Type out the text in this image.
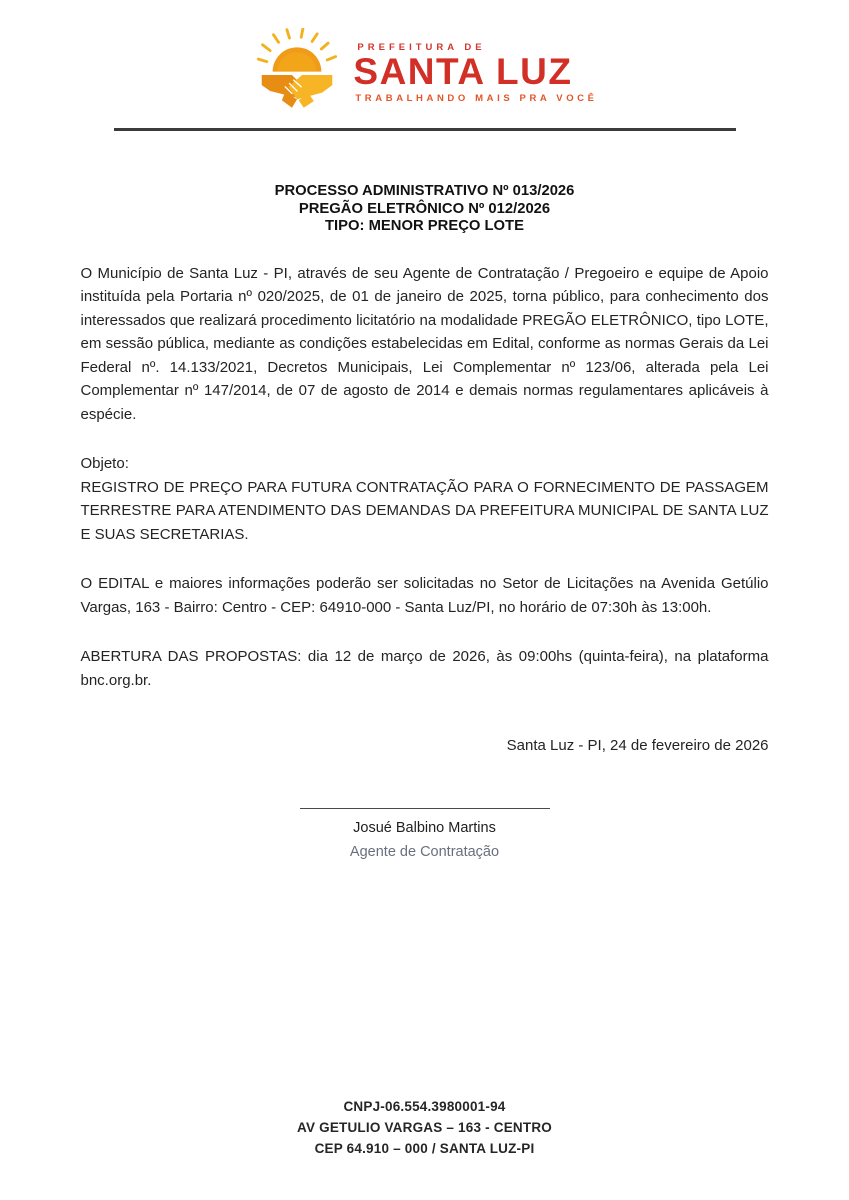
PREFEITURA DE
SANTA LUZ
TRABALHANDO MAIS PRA VOCÊ
PROCESSO ADMINISTRATIVO Nº 013/2026
PREGÃO ELETRÔNICO Nº 012/2026
TIPO: MENOR PREÇO LOTE

O Município de Santa Luz - PI, através de seu Agente de Contratação / Pregoeiro e equipe de Apoio instituída pela Portaria nº 020/2025, de 01 de janeiro de 2025, torna público, para conhecimento dos interessados que realizará procedimento licitatório na modalidade PREGÃO ELETRÔNICO, tipo LOTE, em sessão pública, mediante as condições estabelecidas em Edital, conforme as normas Gerais da Lei Federal nº. 14.133/2021, Decretos Municipais, Lei Complementar nº 123/06, alterada pela Lei Complementar nº 147/2014, de 07 de agosto de 2014 e demais normas regulamentares aplicáveis à espécie.

Objeto:

REGISTRO DE PREÇO PARA FUTURA CONTRATAÇÃO PARA O FORNECIMENTO DE PASSAGEM TERRESTRE PARA ATENDIMENTO DAS DEMANDAS DA PREFEITURA MUNICIPAL DE SANTA LUZ E SUAS SECRETARIAS.

O EDITAL e maiores informações poderão ser solicitadas no Setor de Licitações na Avenida Getúlio Vargas, 163 - Bairro: Centro - CEP: 64910-000 - Santa Luz/PI, no horário de 07:30h às 13:00h.

ABERTURA DAS PROPOSTAS: dia 12 de março de 2026, às 09:00hs (quinta-feira), na plataforma bnc.org.br.

Santa Luz - PI, 24 de fevereiro de 2026

Josué Balbino Martins
Agente de Contratação
CNPJ-06.554.3980001-94
AV GETULIO VARGAS – 163 - CENTRO
CEP 64.910 – 000 / SANTA LUZ-PI
